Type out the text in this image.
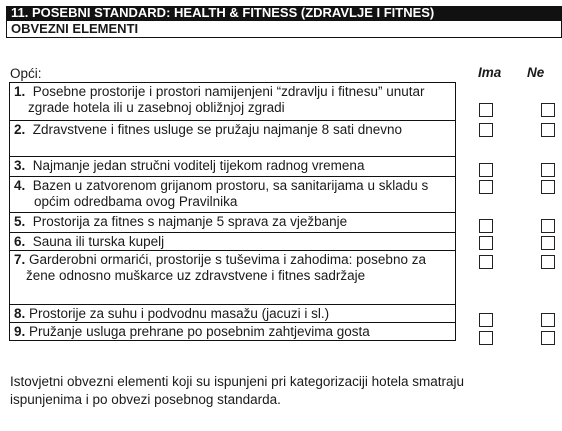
11. POSEBNI STANDARD: HEALTH & FITNESS (ZDRAVLJE I FITNES)
OBVEZNI ELEMENTI
Opći:	Ima Ne
1. Posebne prostorije i prostori namijenjeni “zdravlju i fitnesu” unutar zgrade hotela ili u zasebnoj obližnjoj zgradi
2. Zdravstvene i fitnes usluge se pružaju najmanje 8 sati dnevno
3. Najmanje jedan stručni voditelj tijekom radnog vremena
4. Bazen u zatvorenom grijanom prostoru, sa sanitarijama u skladu s općim odredbama ovog Pravilnika
5. Prostorija za fitnes s najmanje 5 sprava za vježbanje
6. Sauna ili turska kupelj
7. Garderobni ormarići, prostorije s tuševima i zahodima: posebno za žene odnosno muškarce uz zdravstvene i fitnes sadržaje
8. Prostorije za suhu i podvodnu masažu (jacuzi i sl.)
9. Pružanje usluga prehrane po posebnim zahtjevima gosta
Istovjetni obvezni elementi koji su ispunjeni pri kategorizaciji hotela smatraju
ispunjenima i po obvezi posebnog standarda.
